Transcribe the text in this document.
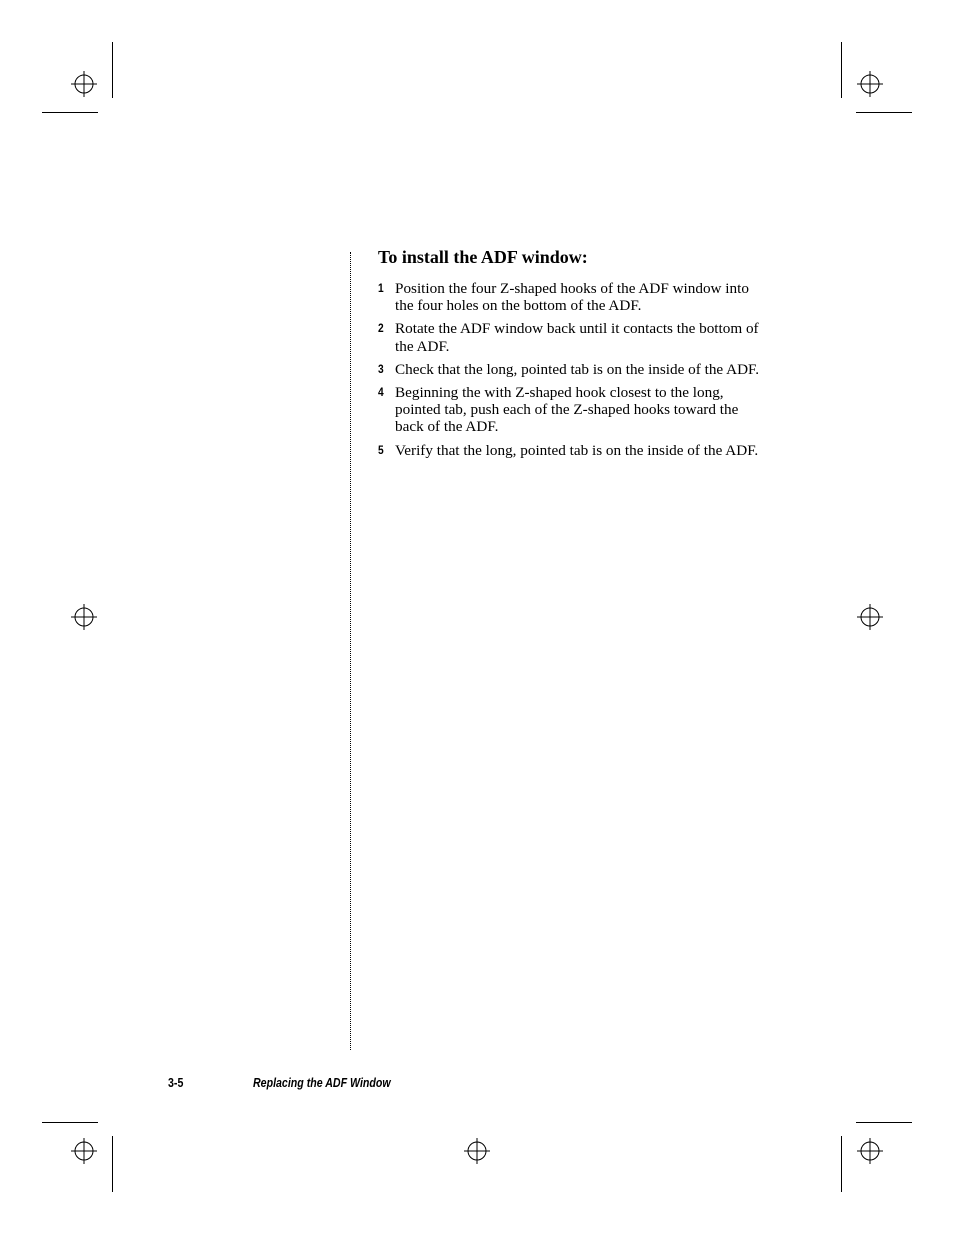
To install the ADF window:
1 Position the four Z-shaped hooks of the ADF window into the four holes on the bottom of the ADF.
2 Rotate the ADF window back until it contacts the bottom of the ADF.
3 Check that the long, pointed tab is on the inside of the ADF.
4 Beginning the with Z-shaped hook closest to the long, pointed tab, push each of the Z-shaped hooks toward the back of the ADF.
5 Verify that the long, pointed tab is on the inside of the ADF.
3-5	Replacing the ADF Window
